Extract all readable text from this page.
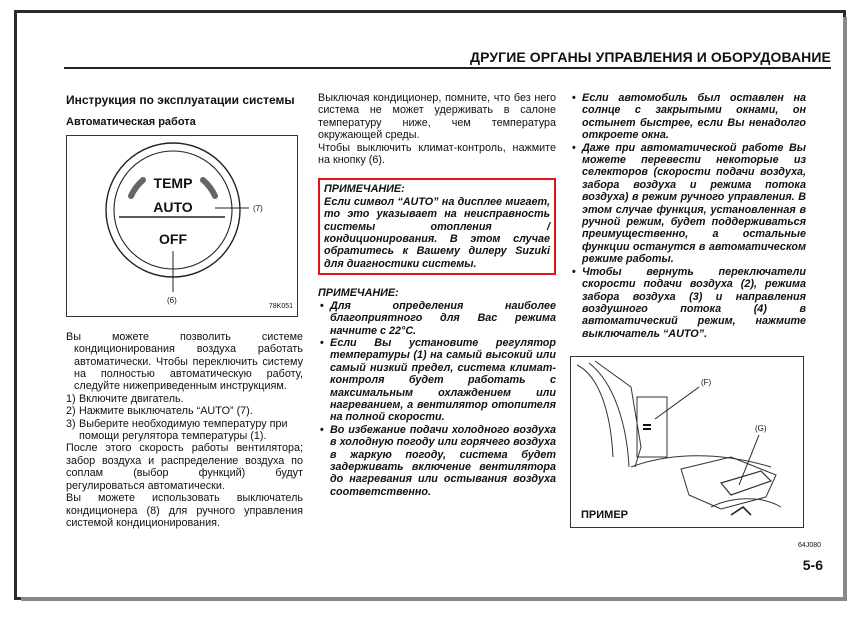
ДРУГИЕ ОРГАНЫ УПРАВЛЕНИЯ И ОБОРУДОВАНИЕ
Инструкция по эксплуатации системы
Автоматическая работа
TEMP
AUTO
OFF
(7)
(6)
78K051

Вы можете позволить системе кондиционирования воздуха работать автоматически. Чтобы переключить систему на полностью автоматическую работу, следуйте нижеприведенным инструкциям.

1) Включите двигатель.
2) Нажмите выключатель “AUTO” (7).
3) Выберите необходимую температуру при помощи регулятора температуры (1).

После этого скорость работы вентилятора; забор воздуха и распределение воздуха по соплам (выбор функций) будут регулироваться автоматически.

Вы можете использовать выключатель кондиционера (8) для ручного управления системой кондиционирования.

Выключая кондиционер, помните, что без него система не может удерживать в салоне температуру ниже, чем температура окружающей среды.

Чтобы выключить климат-контроль, нажмите на кнопку (6).

ПРИМЕЧАНИЕ:
Если символ “AUTO” на дисплее мигает, то это указывает на неисправность системы отопления / кондиционирования. В этом случае обратитесь к Вашему дилеру Suzuki для диагностики системы.
ПРИМЕЧАНИЕ:
• Для определения наиболее благоприятного для Вас режима начните с 22°C.
• Если Вы установите регулятор температуры (1) на самый высокий или самый низкий предел, система климат-контроля будет работать с максимальным охлаждением или нагреванием, а вентилятор отопителя на полной скорости.
• Во избежание подачи холодного воздуха в холодную погоду или горячего воздуха в жаркую погоду, система будет задерживать включение вентилятора до нагревания или остывания воздуха соответственно.
• Если автомобиль был оставлен на солнце с закрытыми окнами, он остынет быстрее, если Вы ненадолго откроете окна.
• Даже при автоматической работе Вы можете перевести некоторые из селекторов (скорости подачи воздуха, забора воздуха и режима потока воздуха) в режим ручного управления. В этом случае функция, установленная в ручной режим, будет поддерживаться преимущественно, а остальные функции останутся в автоматическом режиме работы.
• Чтобы вернуть переключатели скорости подачи воздуха (2), режима забора воздуха (3) и направления воздушного потока (4) в автоматический режим, нажмите выключатель “AUTO”.
(F)
(G)
ПРИМЕР
64J080
5-6
